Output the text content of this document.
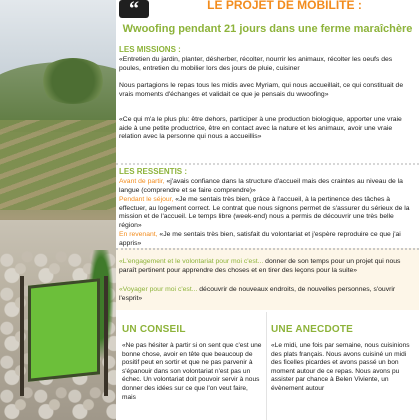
“	LE PROJET DE MOBILITE :
Wwoofing pendant 21 jours dans une ferme maraîchère
LES MISSIONS :
«Entretien du jardin, planter, désherber, récolter, nourrir les animaux, récolter les oeufs des poules, entretien du mobilier lors des jours de pluie, cuisiner
Nous partagions le repas tous les midis avec Myriam, qui nous accueillait, ce qui constituait de vrais moments d'échanges et validait ce que je pensais du wwoofing»
«Ce qui m'a le plus plu: être dehors, participer à une production biologique, apporter une vraie aide à une petite productrice, être en contact avec la nature et les animaux, avoir une vraie relation avec la personne qui nous a accueillis»
LES RESSENTIS :
Avant de partir, «j'avais confiance dans la structure d'accueil mais des craintes au niveau de la langue (comprendre et se faire comprendre)»
Pendant le séjour, «Je me sentais très bien, grâce à l'accueil, à la pertinence des tâches à effectuer, au logement correct. Le contrat que nous signons permet de s'assurer du sérieux de la mission et de l'accueil. Le temps libre (week-end) nous a permis de découvrir une très belle région»
En revenant, «Je me sentais très bien, satisfait du volontariat et j'espère reproduire ce que j'ai appris»
«L'engagement et le volontariat pour moi c'est... donner de son temps pour un projet qui nous paraît pertinent pour apprendre des choses et en tirer des leçons pour la suite»
«Voyager pour moi c'est... découvrir de nouveaux endroits, de nouvelles personnes, s'ouvrir l'esprit»
UN CONSEIL
«Ne pas hésiter à partir si on sent que c'est une bonne chose, avoir en tête que beaucoup de positif peut en sortir et que ne pas parvenir à s'épanouir dans son volontariat n'est pas un échec. Un volontariat doit pouvoir servir à nous donner des idées sur ce que l'on veut faire, mais
UNE ANECDOTE
«Le midi, une fois par semaine, nous cuisinions des plats français. Nous avons cuisiné un midi des ficelles picardes et avons passé un bon moment autour de ce repas. Nous avons pu assister par chance à Belen Viviente, un évènement autour
